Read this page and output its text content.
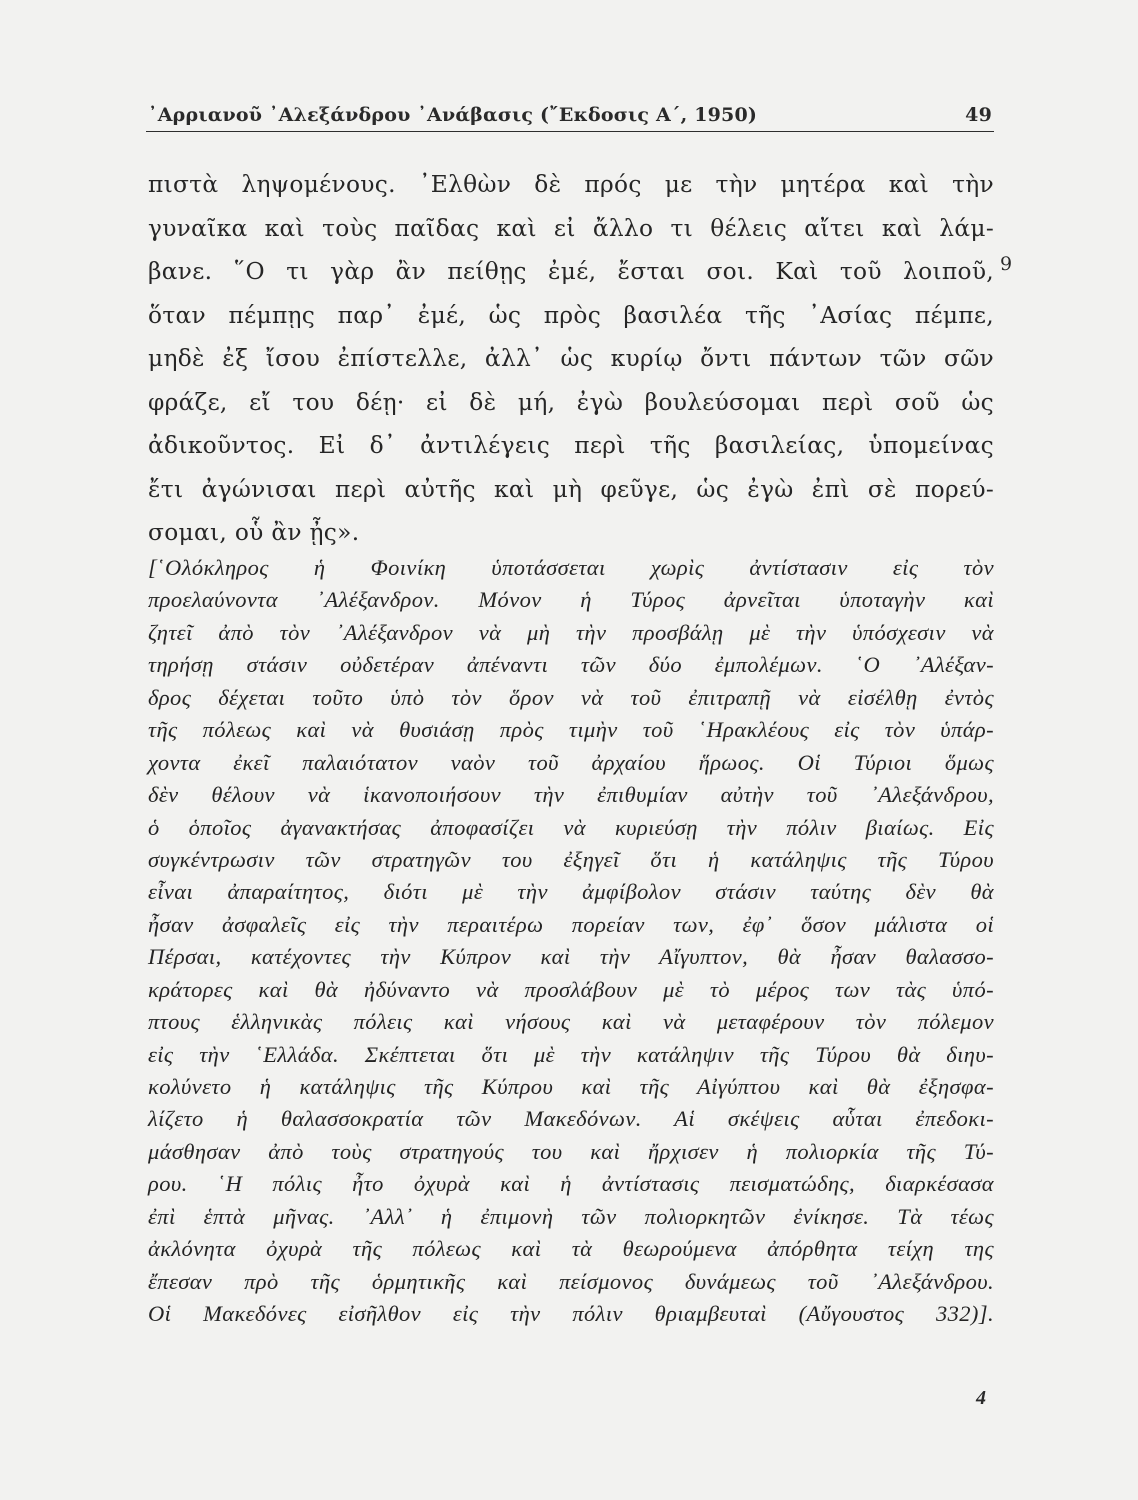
᾿Αρριανοῦ ᾿Αλεξάνδρου ᾿Ανάβασις (῎Εκδοσις Α΄, 1950)	49
πιστὰ ληψομένους. ᾿Ελθὼν δὲ πρός με τὴν μητέρα καὶ τὴν
γυναῖκα καὶ τοὺς παῖδας καὶ εἰ ἄλλο τι θέλεις αἴτει καὶ λάμ-
βανε. ῞Ο τι γὰρ ἂν πείθῃς ἐμέ, ἔσται σοι. Καὶ τοῦ λοιποῦ,
ὅταν πέμπῃς παρ᾿ ἐμέ, ὡς πρὸς βασιλέα τῆς ᾿Ασίας πέμπε,
μηδὲ ἐξ ἴσου ἐπίστελλε, ἀλλ᾿ ὡς κυρίῳ ὄντι πάντων τῶν σῶν
φράζε, εἴ του δέῃ· εἰ δὲ μή, ἐγὼ βουλεύσομαι περὶ σοῦ ὡς
ἀδικοῦντος. Εἰ δ᾿ ἀντιλέγεις περὶ τῆς βασιλείας, ὑπομείνας
ἔτι ἀγώνισαι περὶ αὐτῆς καὶ μὴ φεῦγε, ὡς ἐγὼ ἐπὶ σὲ πορεύ-
σομαι, οὗ ἂν ᾖς».
9
[῾Ολόκληρος ἡ Φοινίκη ὑποτάσσεται χωρὶς ἀντίστασιν εἰς τὸν
προελαύνοντα ᾿Αλέξανδρον. Μόνον ἡ Τύρος ἀρνεῖται ὑποταγὴν καὶ
ζητεῖ ἀπὸ τὸν ᾿Αλέξανδρον νὰ μὴ τὴν προσβάλῃ μὲ τὴν ὑπόσχεσιν νὰ
τηρήσῃ στάσιν οὐδετέραν ἀπέναντι τῶν δύο ἐμπολέμων. ῾Ο ᾿Αλέξαν-
δρος δέχεται τοῦτο ὑπὸ τὸν ὅρον νὰ τοῦ ἐπιτραπῇ νὰ εἰσέλθῃ ἐντὸς
τῆς πόλεως καὶ νὰ θυσιάσῃ πρὸς τιμὴν τοῦ ῾Ηρακλέους εἰς τὸν ὑπάρ-
χοντα ἐκεῖ παλαιότατον ναὸν τοῦ ἀρχαίου ἥρωος. Οἱ Τύριοι ὅμως
δὲν θέλουν νὰ ἱκανοποιήσουν τὴν ἐπιθυμίαν αὐτὴν τοῦ ᾿Αλεξάνδρου,
ὁ ὁποῖος ἀγανακτήσας ἀποφασίζει νὰ κυριεύσῃ τὴν πόλιν βιαίως. Εἰς
συγκέντρωσιν τῶν στρατηγῶν του ἐξηγεῖ ὅτι ἡ κατάληψις τῆς Τύρου
εἶναι ἀπαραίτητος, διότι μὲ τὴν ἀμφίβολον στάσιν ταύτης δὲν θὰ
ἦσαν ἀσφαλεῖς εἰς τὴν περαιτέρω πορείαν των, ἐφ᾿ ὅσον μάλιστα οἱ
Πέρσαι, κατέχοντες τὴν Κύπρον καὶ τὴν Αἴγυπτον, θὰ ἦσαν θαλασσο-
κράτορες καὶ θὰ ἠδύναντο νὰ προσλάβουν μὲ τὸ μέρος των τὰς ὑπό-
πτους ἑλληνικὰς πόλεις καὶ νήσους καὶ νὰ μεταφέρουν τὸν πόλεμον
εἰς τὴν ῾Ελλάδα. Σκέπτεται ὅτι μὲ τὴν κατάληψιν τῆς Τύρου θὰ διηυ-
κολύνετο ἡ κατάληψις τῆς Κύπρου καὶ τῆς Αἰγύπτου καὶ θὰ ἐξησφα-
λίζετο ἡ θαλασσοκρατία τῶν Μακεδόνων. Αἱ σκέψεις αὗται ἐπεδοκι-
μάσθησαν ἀπὸ τοὺς στρατηγούς του καὶ ἤρχισεν ἡ πολιορκία τῆς Τύ-
ρου. ῾Η πόλις ἦτο ὀχυρὰ καὶ ἡ ἀντίστασις πεισματώδης, διαρκέσασα
ἐπὶ ἑπτὰ μῆνας. ᾿Αλλ᾿ ἡ ἐπιμονὴ τῶν πολιορκητῶν ἐνίκησε. Τὰ τέως
ἀκλόνητα ὀχυρὰ τῆς πόλεως καὶ τὰ θεωρούμενα ἀπόρθητα τείχη της
ἔπεσαν πρὸ τῆς ὁρμητικῆς καὶ πείσμονος δυνάμεως τοῦ ᾿Αλεξάνδρου.
Οἱ Μακεδόνες εἰσῆλθον εἰς τὴν πόλιν θριαμβευταὶ (Αὔγουστος 332)].
4
